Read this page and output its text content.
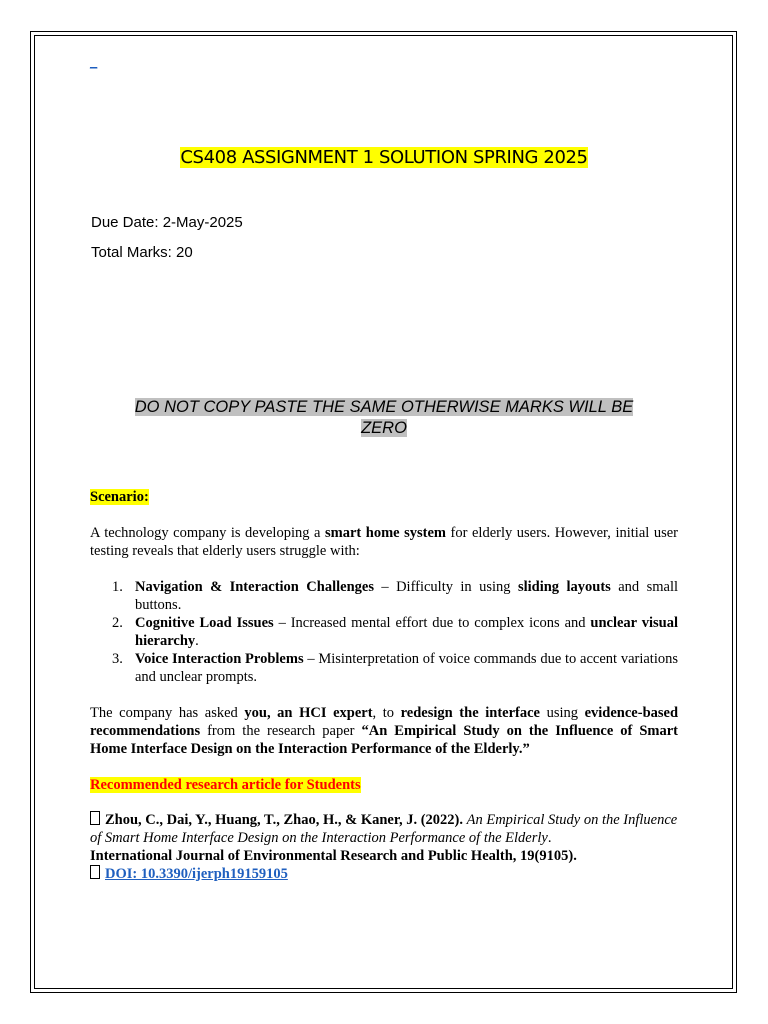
_
CS408 ASSIGNMENT 1 SOLUTION SPRING 2025
Due Date: 2-May-2025
Total Marks: 20
DO NOT COPY PASTE THE SAME OTHERWISE MARKS WILL BE ZERO
Scenario:
A technology company is developing a smart home system for elderly users. However, initial user testing reveals that elderly users struggle with:
1. Navigation & Interaction Challenges – Difficulty in using sliding layouts and small buttons.
2. Cognitive Load Issues – Increased mental effort due to complex icons and unclear visual hierarchy.
3. Voice Interaction Problems – Misinterpretation of voice commands due to accent variations and unclear prompts.
The company has asked you, an HCI expert, to redesign the interface using evidence-based recommendations from the research paper “An Empirical Study on the Influence of Smart Home Interface Design on the Interaction Performance of the Elderly.”
Recommended research article for Students
Zhou, C., Dai, Y., Huang, T., Zhao, H., & Kaner, J. (2022). An Empirical Study on the Influence of Smart Home Interface Design on the Interaction Performance of the Elderly.
International Journal of Environmental Research and Public Health, 19(9105).
DOI: 10.3390/ijerph19159105
